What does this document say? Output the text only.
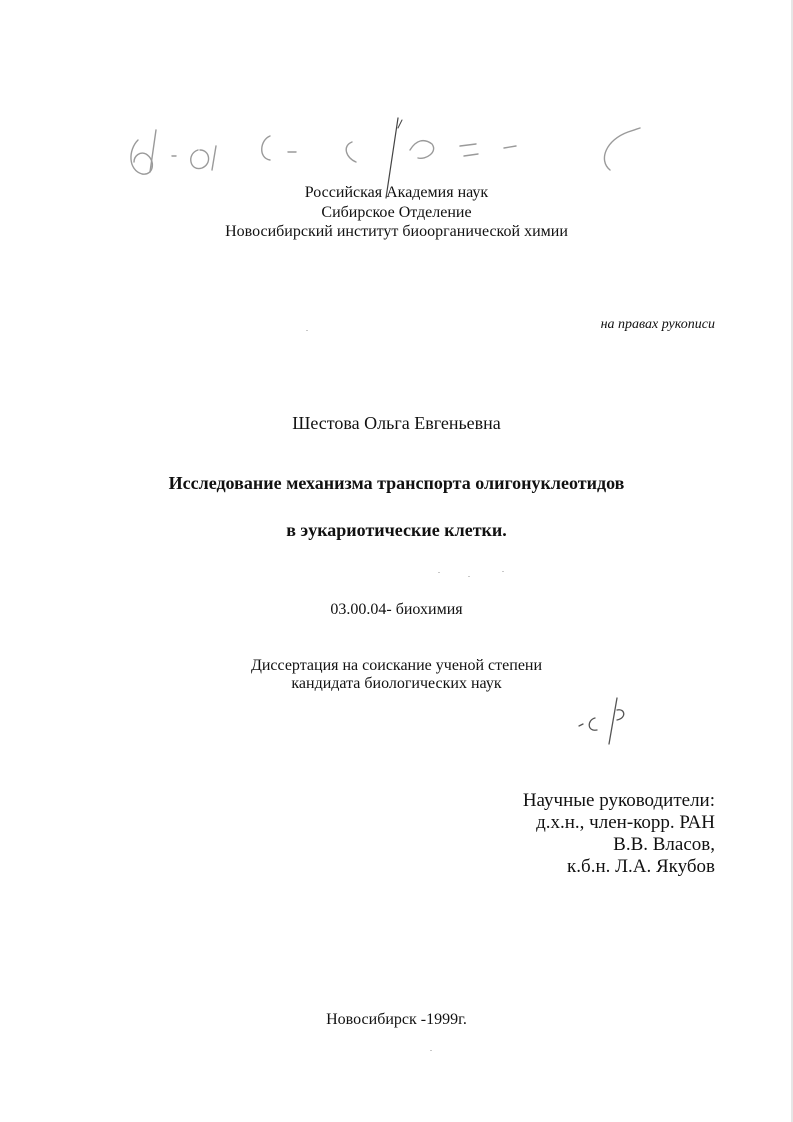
Российская Академия наук
Сибирское Отделение
Новосибирский институт биоорганической химии
на правах рукописи
Шестова Ольга Евгеньевна
Исследование механизма транспорта олигонуклеотидов
в эукариотические клетки.
03.00.04- биохимия
Диссертация на соискание ученой степени
кандидата биологических наук
Научные руководители:
д.х.н., член-корр. РАН
В.В. Власов,
к.б.н. Л.А. Якубов
Новосибирск -1999г.
